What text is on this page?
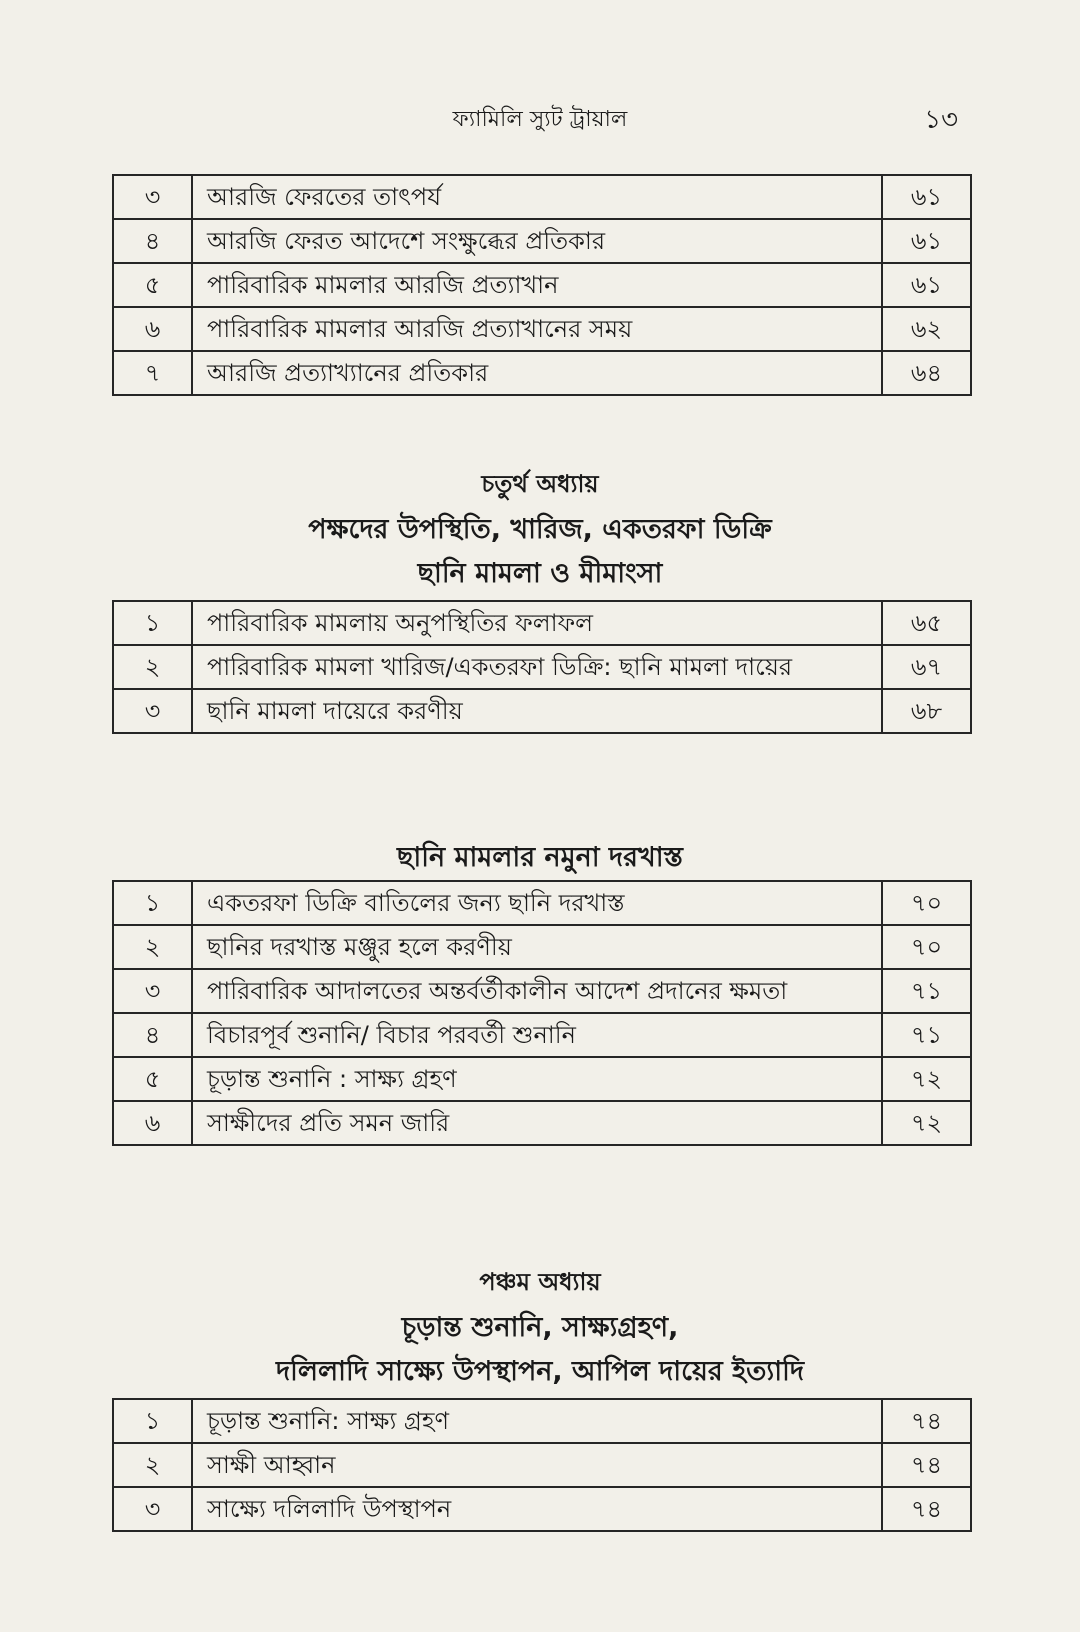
ফ্যামিলি স্যুট ট্রায়াল	১৩
৩	আরজি ফেরতের তাৎপর্য	৬১
৪	আরজি ফেরত আদেশে সংক্ষুব্ধের প্রতিকার	৬১
৫	পারিবারিক মামলার আরজি প্রত্যাখান	৬১
৬	পারিবারিক মামলার আরজি প্রত্যাখানের সময়	৬২
৭	আরজি প্রত্যাখ্যানের প্রতিকার	৬৪
চতুর্থ অধ্যায়
পক্ষদের উপস্থিতি, খারিজ, একতরফা ডিক্রি
ছানি মামলা ও মীমাংসা
১	পারিবারিক মামলায় অনুপস্থিতির ফলাফল	৬৫
২	পারিবারিক মামলা খারিজ/একতরফা ডিক্রি: ছানি মামলা দায়ের	৬৭
৩	ছানি মামলা দায়েরে করণীয়	৬৮
ছানি মামলার নমুনা দরখাস্ত
১	একতরফা ডিক্রি বাতিলের জন্য ছানি দরখাস্ত	৭০
২	ছানির দরখাস্ত মঞ্জুর হলে করণীয়	৭০
৩	পারিবারিক আদালতের অন্তর্বর্তীকালীন আদেশ প্রদানের ক্ষমতা	৭১
৪	বিচারপূর্ব শুনানি/ বিচার পরবর্তী শুনানি	৭১
৫	চূড়ান্ত শুনানি : সাক্ষ্য গ্রহণ	৭২
৬	সাক্ষীদের প্রতি সমন জারি	৭২
পঞ্চম অধ্যায়
চূড়ান্ত শুনানি, সাক্ষ্যগ্রহণ,
দলিলাদি সাক্ষ্যে উপস্থাপন, আপিল দায়ের ইত্যাদি
১	চূড়ান্ত শুনানি: সাক্ষ্য গ্রহণ	৭৪
২	সাক্ষী আহ্বান	৭৪
৩	সাক্ষ্যে দলিলাদি উপস্থাপন	৭৪
